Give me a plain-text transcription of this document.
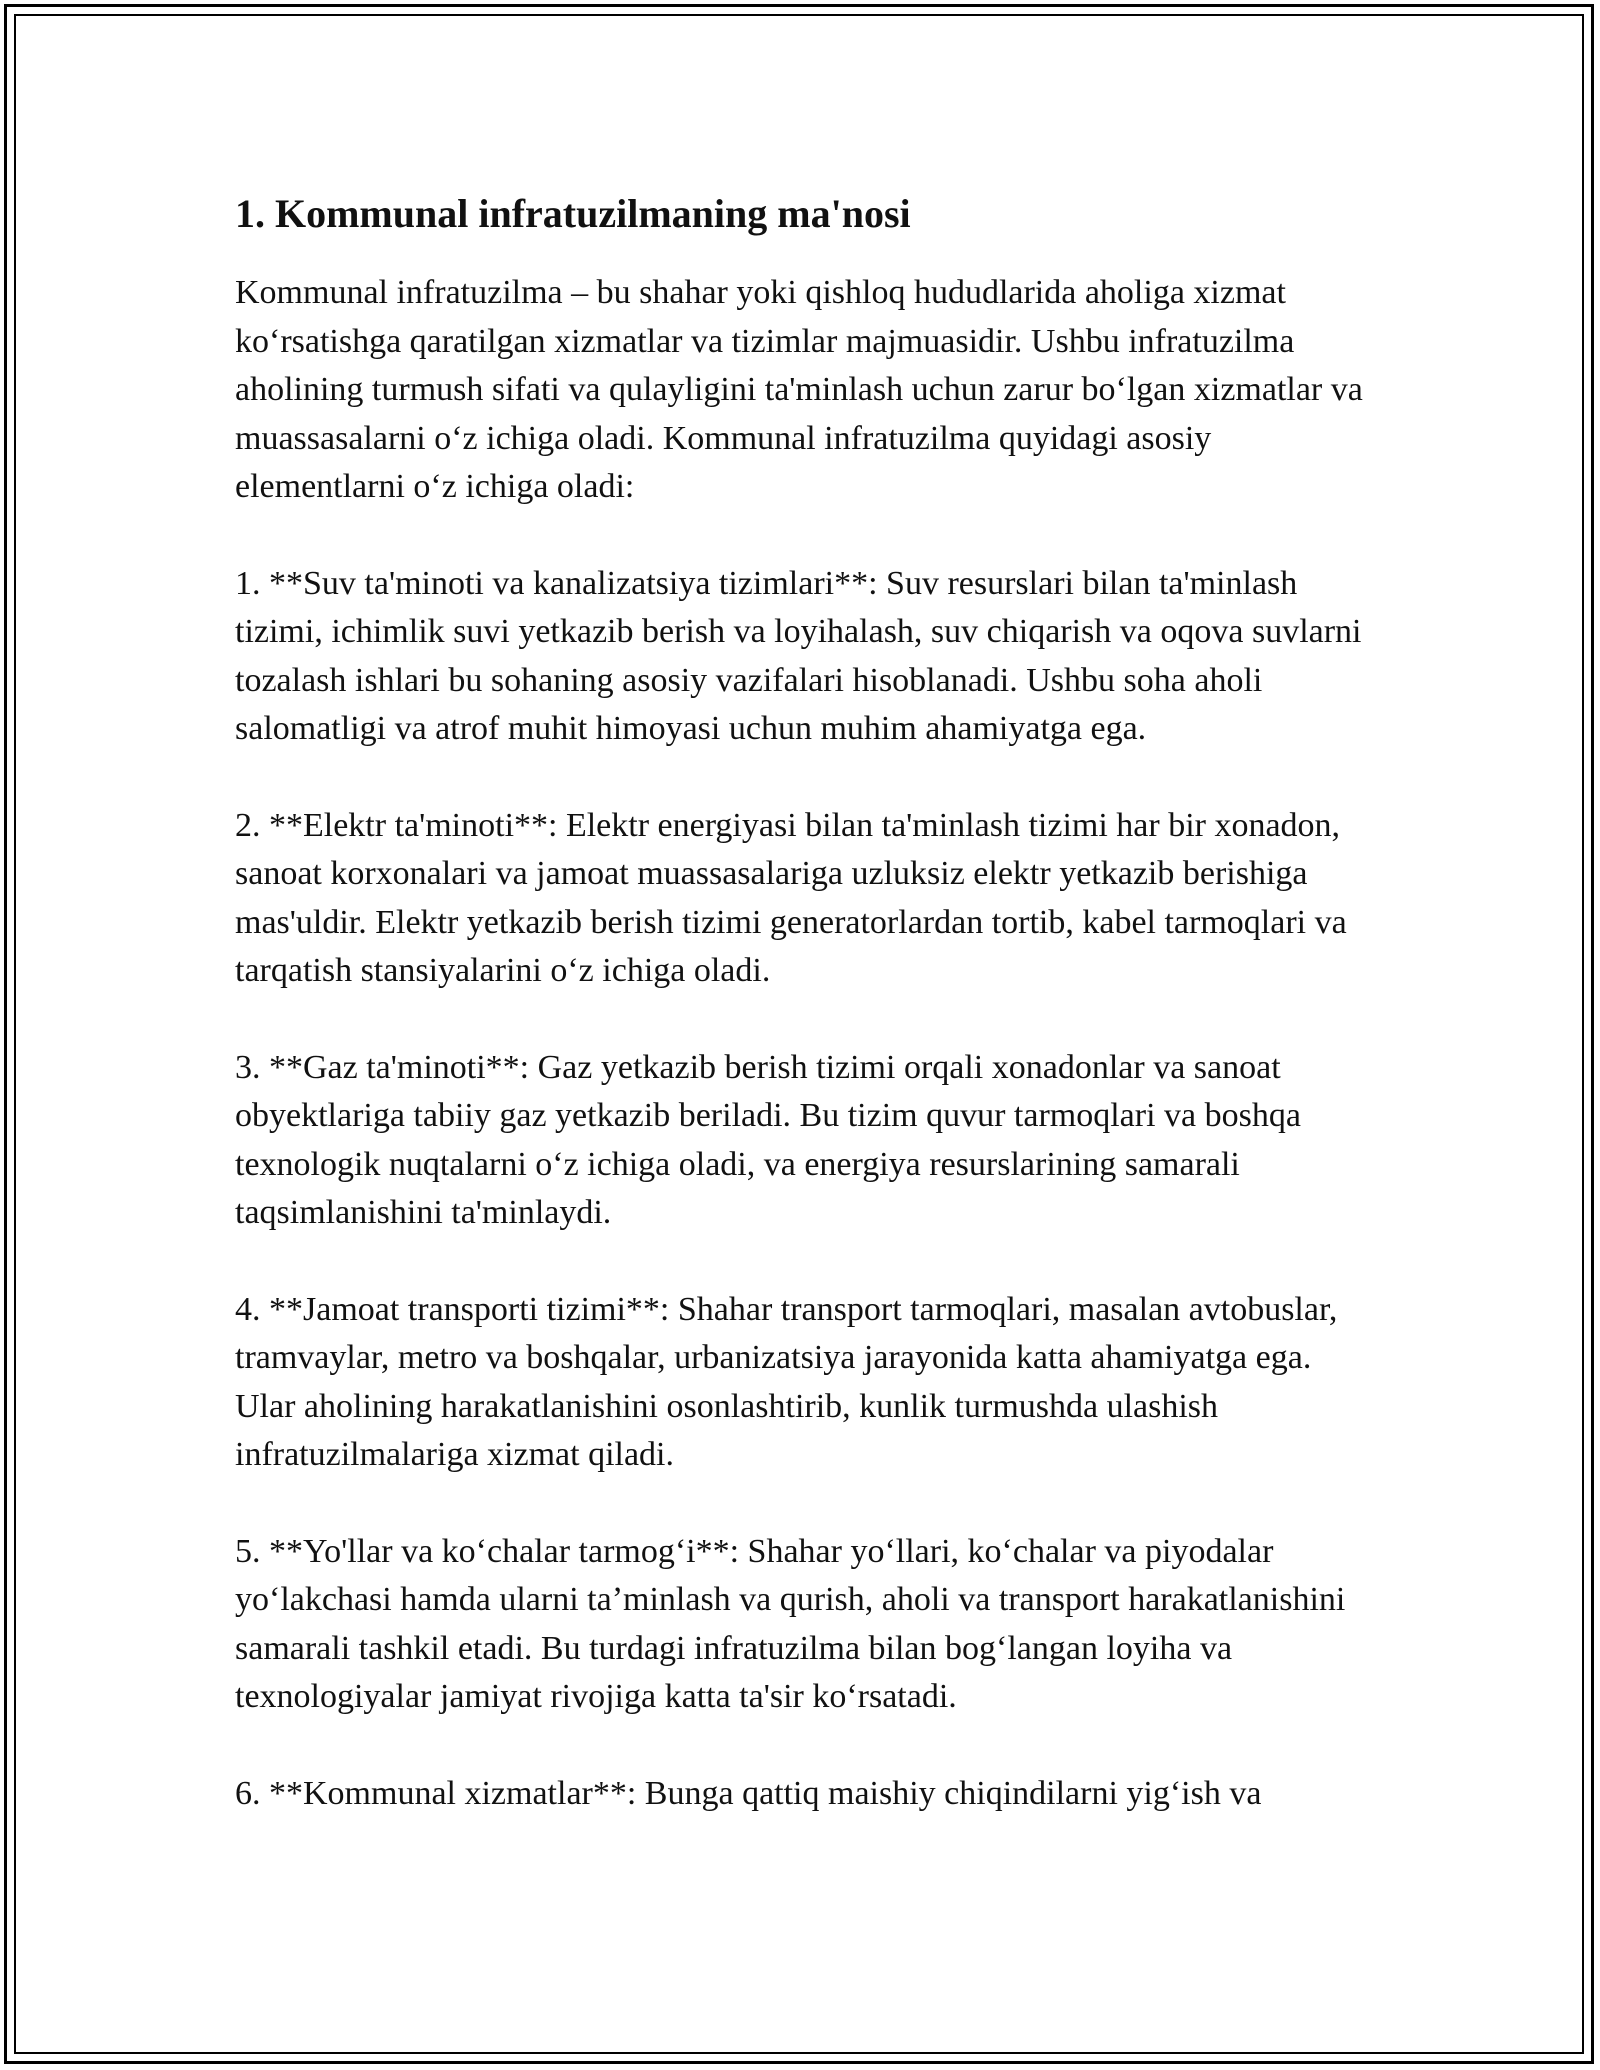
1. Kommunal infratuzilmaning ma'nosi

Kommunal infratuzilma – bu shahar yoki qishloq hududlarida aholiga xizmat koʻrsatishga qaratilgan xizmatlar va tizimlar majmuasidir. Ushbu infratuzilma aholining turmush sifati va qulayligini ta'minlash uchun zarur boʻlgan xizmatlar va muassasalarni oʻz ichiga oladi. Kommunal infratuzilma quyidagi asosiy elementlarni oʻz ichiga oladi:

1. **Suv ta'minoti va kanalizatsiya tizimlari**: Suv resurslari bilan ta'minlash tizimi, ichimlik suvi yetkazib berish va loyihalash, suv chiqarish va oqova suvlarni tozalash ishlari bu sohaning asosiy vazifalari hisoblanadi. Ushbu soha aholi salomatligi va atrof muhit himoyasi uchun muhim ahamiyatga ega.

2. **Elektr ta'minoti**: Elektr energiyasi bilan ta'minlash tizimi har bir xonadon, sanoat korxonalari va jamoat muassasalariga uzluksiz elektr yetkazib berishiga mas'uldir. Elektr yetkazib berish tizimi generatorlardan tortib, kabel tarmoqlari va tarqatish stansiyalarini oʻz ichiga oladi.

3. **Gaz ta'minoti**: Gaz yetkazib berish tizimi orqali xonadonlar va sanoat obyektlariga tabiiy gaz yetkazib beriladi. Bu tizim quvur tarmoqlari va boshqa texnologik nuqtalarni oʻz ichiga oladi, va energiya resurslarining samarali taqsimlanishini ta'minlaydi.

4. **Jamoat transporti tizimi**: Shahar transport tarmoqlari, masalan avtobuslar, tramvaylar, metro va boshqalar, urbanizatsiya jarayonida katta ahamiyatga ega. Ular aholining harakatlanishini osonlashtirib, kunlik turmushda ulashish infratuzilmalariga xizmat qiladi.

5. **Yo'llar va koʻchalar tarmogʻi**: Shahar yoʻllari, koʻchalar va piyodalar yoʻlakchasi hamda ularni taʼminlash va qurish, aholi va transport harakatlanishini samarali tashkil etadi. Bu turdagi infratuzilma bilan bogʻlangan loyiha va texnologiyalar jamiyat rivojiga katta ta'sir koʻrsatadi.

6. **Kommunal xizmatlar**: Bunga qattiq maishiy chiqindilarni yigʻish va
